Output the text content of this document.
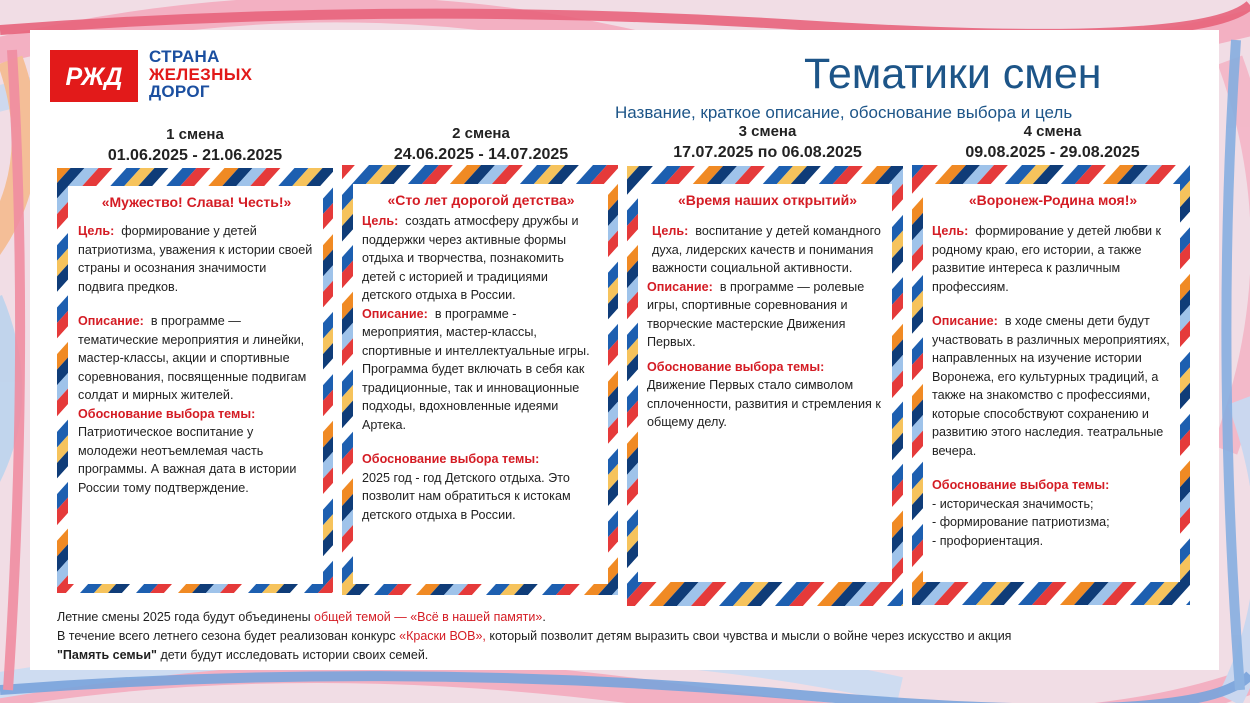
РЖД
СТРАНА
ЖЕЛЕЗНЫХ
ДОРОГ	Тематики смен
Название, краткое описание, обоснование выбора и цель
1 смена
01.06.2025 - 21.06.2025
2 смена
24.06.2025 - 14.07.2025
3 смена
17.07.2025 по 06.08.2025
4 смена
09.08.2025 - 29.08.2025
«Мужество! Слава! Честь!»

Цель: формирование у детей патриотизма, уважения к истории своей страны и осознания значимости подвига предков.

Описание: в программе — тематические мероприятия и линейки, мастер-классы, акции и спортивные соревнования, посвященные подвигам солдат и мирных жителей.

Обоснование выбора темы:

Патриотическое воспитание у молодежи неотъемлемая часть программы. А важная дата в истории России тому подтверждение.

«Сто лет дорогой детства»

Цель: создать атмосферу дружбы и поддержки через активные формы отдыха и творчества, познакомить детей с историей и традициями детского отдыха в России.

Описание: в программе - мероприятия, мастер-классы, спортивные и интеллектуальные игры. Программа будет включать в себя как традиционные, так и инновационные подходы, вдохновленные идеями Артека.

Обоснование выбора темы:

2025 год - год Детского отдыха. Это позволит нам обратиться к истокам детского отдыха в России.

«Время наших открытий»

Цель: воспитание у детей командного духа, лидерских качеств и понимания важности социальной активности.

Описание: в программе — ролевые игры, спортивные соревнования и творческие мастерские Движения Первых.

Обоснование выбора темы:

Движение Первых стало символом сплоченности, развития и стремления к общему делу.

«Воронеж-Родина моя!»

Цель: формирование у детей любви к родному краю, его истории, а также развитие интереса к различным профессиям.

Описание: в ходе смены дети будут участвовать в различных мероприятиях, направленных на изучение истории Воронежа, его культурных традиций, а также на знакомство с профессиями, которые способствуют сохранению и развитию этого наследия. театральные вечера.

Обоснование выбора темы:

- историческая значимость;

- формирование патриотизма;

- профориентация.

Летние смены 2025 года будут объединены общей темой — «Всё в нашей памяти».
В течение всего летнего сезона будет реализован конкурс «Краски ВОВ», который позволит детям выразить свои чувства и мысли о войне через искусство и акция
"Память семьи" дети будут исследовать истории своих семей.
